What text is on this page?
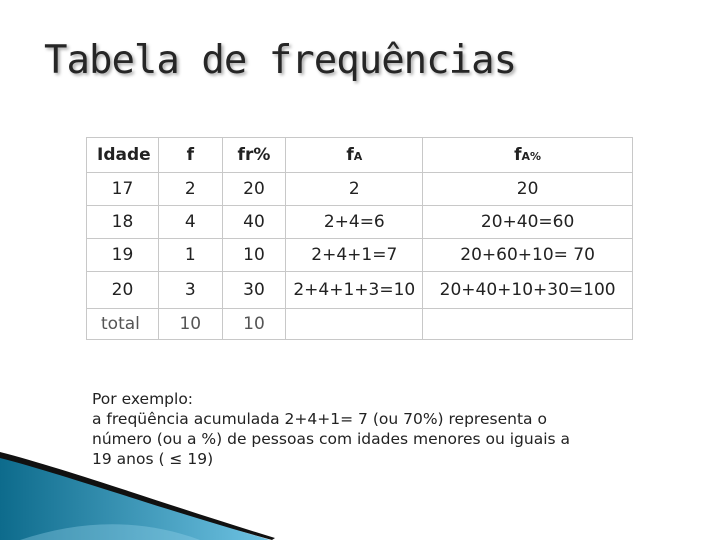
Tabela de frequências
Idade	f	fr%	fA	fA%
17	2	20	2	20
18	4	40	2+4=6	20+40=60
19	1	10	2+4+1=7	20+60+10= 70
20	3	30	2+4+1+3=10	20+40+10+30=100
total	10	10		

Por exemplo:

a freqüência acumulada 2+4+1= 7 (ou 70%) representa o

número (ou a %) de pessoas com idades menores ou iguais a

19 anos ( ≤ 19)
